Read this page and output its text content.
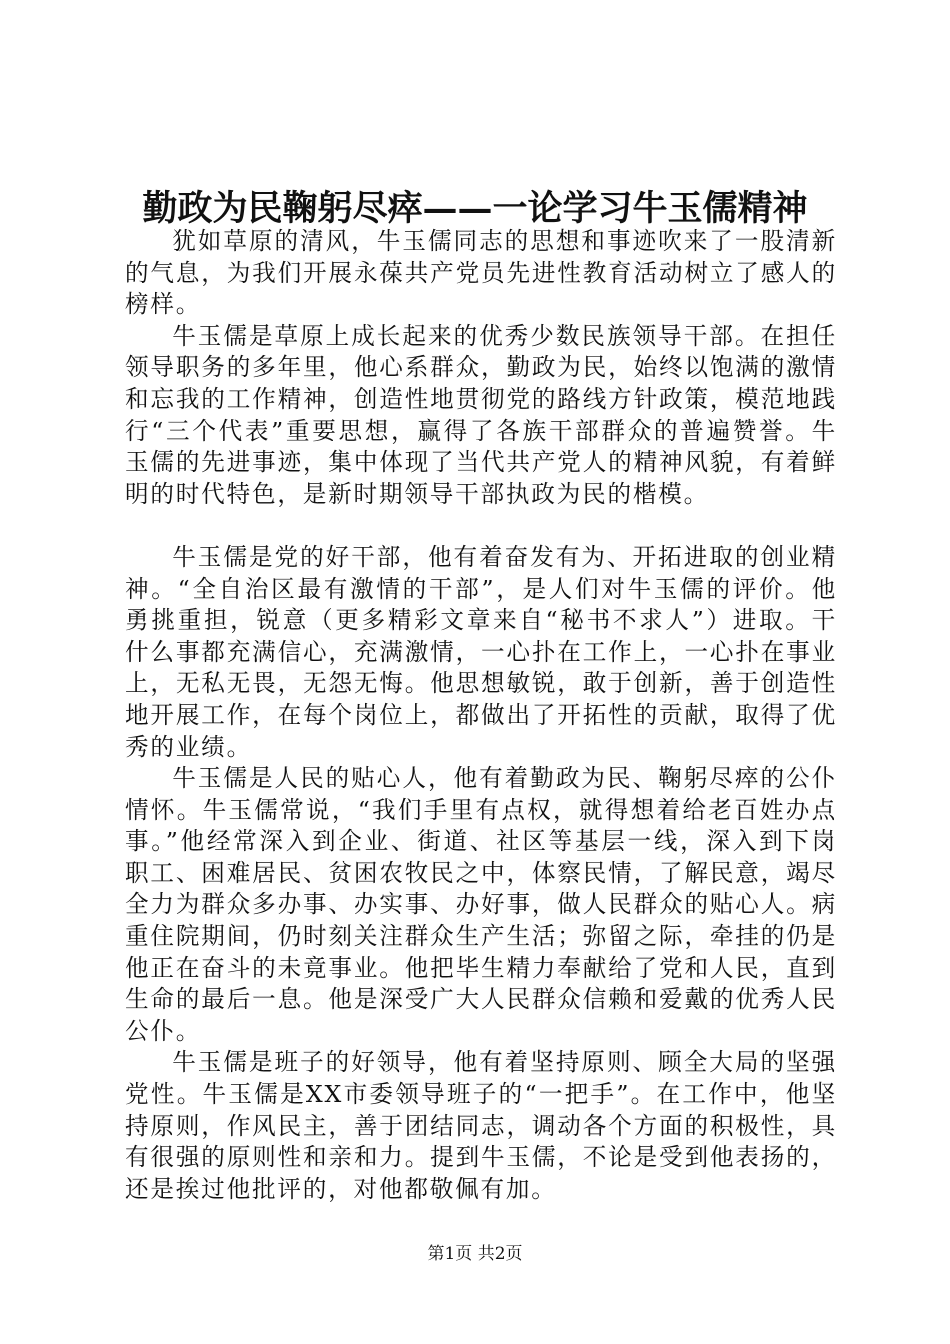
勤政为民鞠躬尽瘁——一论学习牛玉儒精神

犹如草原的清风，牛玉儒同志的思想和事迹吹来了一股清新的气息，为我们开展永葆共产党员先进性教育活动树立了感人的榜样。

牛玉儒是草原上成长起来的优秀少数民族领导干部。在担任领导职务的多年里，他心系群众，勤政为民，始终以饱满的激情和忘我的工作精神，创造性地贯彻党的路线方针政策，模范地践行“三个代表”重要思想，赢得了各族干部群众的普遍赞誉。牛玉儒的先进事迹，集中体现了当代共产党人的精神风貌，有着鲜明的时代特色，是新时期领导干部执政为民的楷模。

牛玉儒是党的好干部，他有着奋发有为、开拓进取的创业精神。“全自治区最有激情的干部”，是人们对牛玉儒的评价。他勇挑重担，锐意（更多精彩文章来自“秘书不求人”）进取。干什么事都充满信心，充满激情，一心扑在工作上，一心扑在事业上，无私无畏，无怨无悔。他思想敏锐，敢于创新，善于创造性地开展工作，在每个岗位上，都做出了开拓性的贡献，取得了优秀的业绩。

牛玉儒是人民的贴心人，他有着勤政为民、鞠躬尽瘁的公仆情怀。牛玉儒常说，“我们手里有点权，就得想着给老百姓办点事。”他经常深入到企业、街道、社区等基层一线，深入到下岗职工、困难居民、贫困农牧民之中，体察民情，了解民意，竭尽全力为群众多办事、办实事、办好事，做人民群众的贴心人。病重住院期间，仍时刻关注群众生产生活；弥留之际，牵挂的仍是他正在奋斗的未竟事业。他把毕生精力奉献给了党和人民，直到生命的最后一息。他是深受广大人民群众信赖和爱戴的优秀人民公仆。

牛玉儒是班子的好领导，他有着坚持原则、顾全大局的坚强党性。牛玉儒是XX市委领导班子的“一把手”。在工作中，他坚持原则，作风民主，善于团结同志，调动各个方面的积极性，具有很强的原则性和亲和力。提到牛玉儒，不论是受到他表扬的，还是挨过他批评的，对他都敬佩有加。

第1页 共2页
